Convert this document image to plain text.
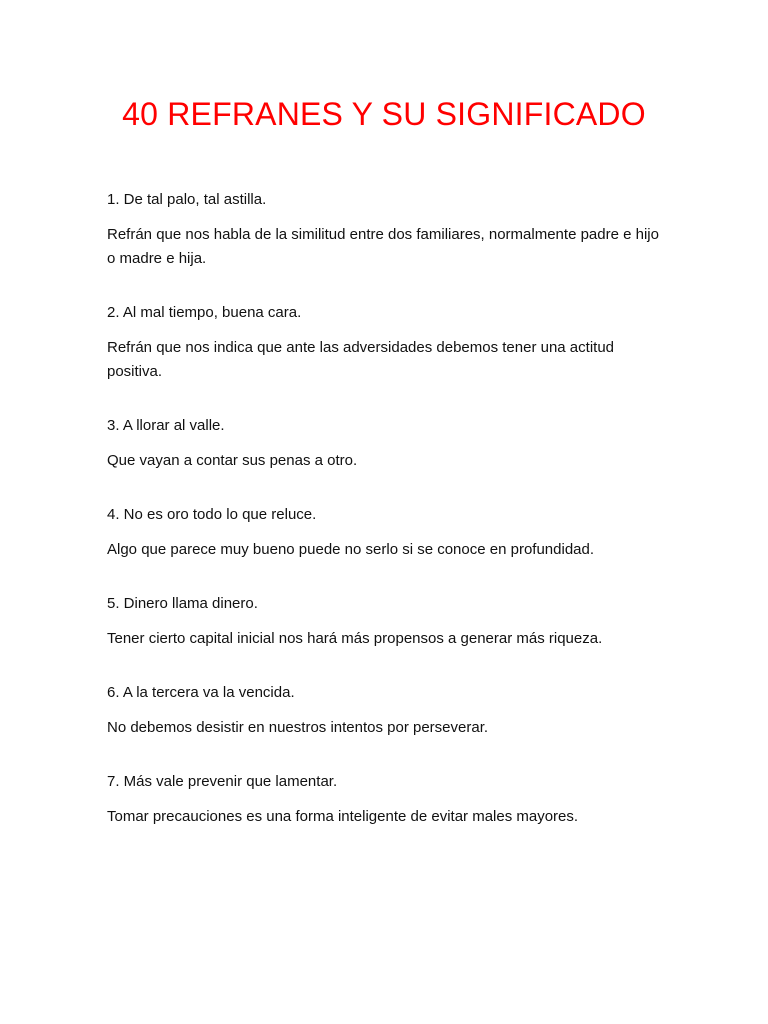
40 REFRANES Y SU SIGNIFICADO

1. De tal palo, tal astilla.

Refrán que nos habla de la similitud entre dos familiares, normalmente padre e hijo o madre e hija.

2. Al mal tiempo, buena cara.

Refrán que nos indica que ante las adversidades debemos tener una actitud positiva.

3. A llorar al valle.

Que vayan a contar sus penas a otro.

4. No es oro todo lo que reluce.

Algo que parece muy bueno puede no serlo si se conoce en profundidad.

5. Dinero llama dinero.

Tener cierto capital inicial nos hará más propensos a generar más riqueza.

6. A la tercera va la vencida.

No debemos desistir en nuestros intentos por perseverar.

7. Más vale prevenir que lamentar.

Tomar precauciones es una forma inteligente de evitar males mayores.
